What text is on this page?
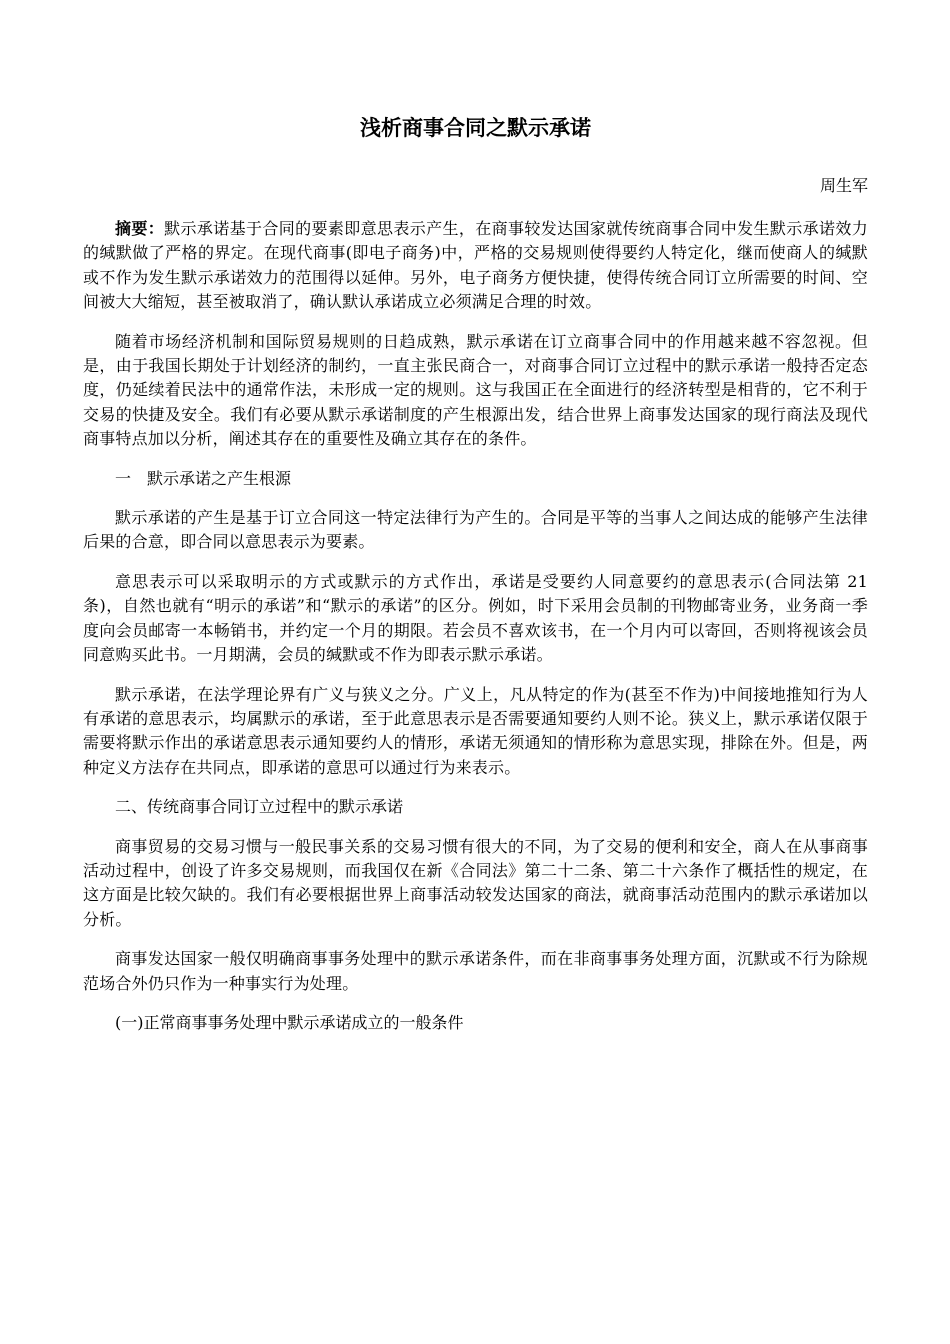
浅析商事合同之默示承诺

周生军

摘要：默示承诺基于合同的要素即意思表示产生，在商事较发达国家就传统商事合同中发生默示承诺效力的缄默做了严格的界定。在现代商事(即电子商务)中，严格的交易规则使得要约人特定化，继而使商人的缄默或不作为发生默示承诺效力的范围得以延伸。另外，电子商务方便快捷，使得传统合同订立所需要的时间、空间被大大缩短，甚至被取消了，确认默认承诺成立必须满足合理的时效。

随着市场经济机制和国际贸易规则的日趋成熟，默示承诺在订立商事合同中的作用越来越不容忽视。但是，由于我国长期处于计划经济的制约，一直主张民商合一，对商事合同订立过程中的默示承诺一般持否定态度，仍延续着民法中的通常作法，未形成一定的规则。这与我国正在全面进行的经济转型是相背的，它不利于交易的快捷及安全。我们有必要从默示承诺制度的产生根源出发，结合世界上商事发达国家的现行商法及现代商事特点加以分析，阐述其存在的重要性及确立其存在的条件。

一　默示承诺之产生根源

默示承诺的产生是基于订立合同这一特定法律行为产生的。合同是平等的当事人之间达成的能够产生法律后果的合意，即合同以意思表示为要素。

意思表示可以采取明示的方式或默示的方式作出，承诺是受要约人同意要约的意思表示(合同法第 21 条)，自然也就有“明示的承诺”和“默示的承诺”的区分。例如，时下采用会员制的刊物邮寄业务，业务商一季度向会员邮寄一本畅销书，并约定一个月的期限。若会员不喜欢该书，在一个月内可以寄回，否则将视该会员同意购买此书。一月期满，会员的缄默或不作为即表示默示承诺。

默示承诺，在法学理论界有广义与狭义之分。广义上，凡从特定的作为(甚至不作为)中间接地推知行为人有承诺的意思表示，均属默示的承诺，至于此意思表示是否需要通知要约人则不论。狭义上，默示承诺仅限于需要将默示作出的承诺意思表示通知要约人的情形，承诺无须通知的情形称为意思实现，排除在外。但是，两种定义方法存在共同点，即承诺的意思可以通过行为来表示。

二、传统商事合同订立过程中的默示承诺

商事贸易的交易习惯与一般民事关系的交易习惯有很大的不同，为了交易的便利和安全，商人在从事商事活动过程中，创设了许多交易规则，而我国仅在新《合同法》第二十二条、第二十六条作了概括性的规定，在这方面是比较欠缺的。我们有必要根据世界上商事活动较发达国家的商法，就商事活动范围内的默示承诺加以分析。

商事发达国家一般仅明确商事事务处理中的默示承诺条件，而在非商事事务处理方面，沉默或不行为除规范场合外仍只作为一种事实行为处理。

(一)正常商事事务处理中默示承诺成立的一般条件
